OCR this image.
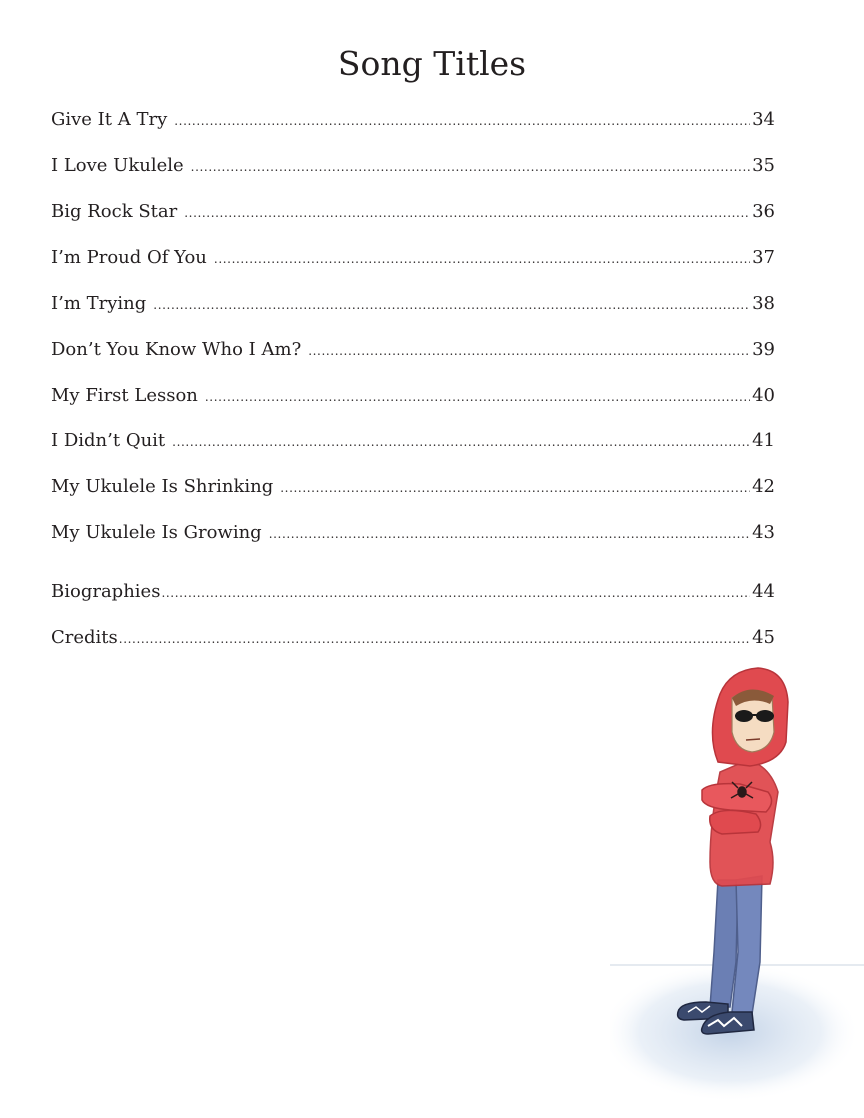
Song Titles
Give It A Try .....	34
I Love Ukulele .....	35
Big Rock Star .....	36
I’m Proud Of You .....	37
I’m Trying .....	38
Don’t You Know Who I Am? .....	39
My First Lesson .....	40
I Didn’t Quit .....	41
My Ukulele Is Shrinking .....	42
My Ukulele Is Growing .....	43
Biographies .....	44
Credits .....	45
